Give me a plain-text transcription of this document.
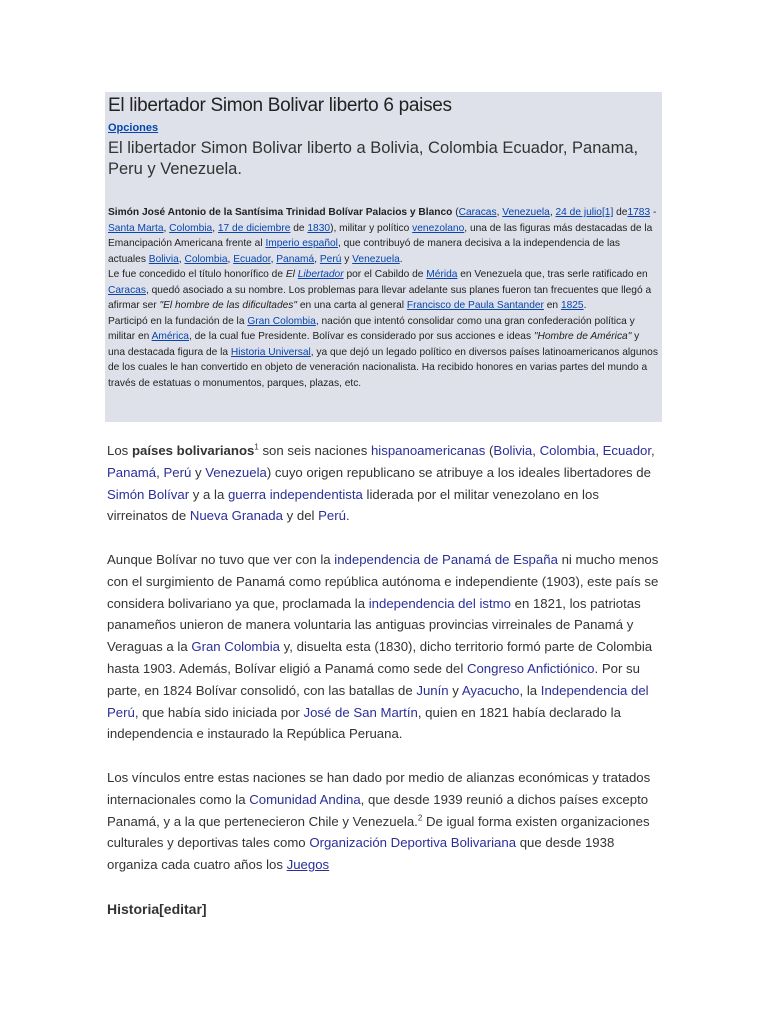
El libertador Simon Bolivar liberto 6 paises
Opciones

El libertador Simon Bolivar liberto a Bolivia, Colombia Ecuador, Panama, Peru y Venezuela.

Simón José Antonio de la Santísima Trinidad Bolívar Palacios y Blanco (Caracas, Venezuela, 24 de julio[1] de1783 - Santa Marta, Colombia, 17 de diciembre de 1830), militar y político venezolano, una de las figuras más destacadas de la Emancipación Americana frente al Imperio español, que contribuyó de manera decisiva a la independencia de las actuales Bolivia, Colombia, Ecuador, Panamá, Perú y Venezuela.
Le fue concedido el título honorífico de El Libertador por el Cabildo de Mérida en Venezuela que, tras serle ratificado en Caracas, quedó asociado a su nombre. Los problemas para llevar adelante sus planes fueron tan frecuentes que llegó a afirmar ser "El hombre de las dificultades" en una carta al general Francisco de Paula Santander en 1825.
Participó en la fundación de la Gran Colombia, nación que intentó consolidar como una gran confederación política y militar en América, de la cual fue Presidente. Bolívar es considerado por sus acciones e ideas "Hombre de América" y una destacada figura de la Historia Universal, ya que dejó un legado político en diversos países latinoamericanos algunos de los cuales le han convertido en objeto de veneración nacionalista. Ha recibido honores en varias partes del mundo a través de estatuas o monumentos, parques, plazas, etc.

Los países bolivarianos$^1$ son seis naciones hispanoamericanas (Bolivia, Colombia, Ecuador, Panamá, Perú y Venezuela) cuyo origen republicano se atribuye a los ideales libertadores de Simón Bolívar y a la guerra independentista liderada por el militar venezolano en los virreinatos de Nueva Granada y del Perú.

Aunque Bolívar no tuvo que ver con la independencia de Panamá de España ni mucho menos con el surgimiento de Panamá como república autónoma e independiente (1903), este país se considera bolivariano ya que, proclamada la independencia del istmo en 1821, los patriotas panameños unieron de manera voluntaria las antiguas provincias virreinales de Panamá y Veraguas a la Gran Colombia y, disuelta esta (1830), dicho territorio formó parte de Colombia hasta 1903. Además, Bolívar eligió a Panamá como sede del Congreso Anfictiónico. Por su parte, en 1824 Bolívar consolidó, con las batallas de Junín y Ayacucho, la Independencia del Perú, que había sido iniciada por José de San Martín, quien en 1821 había declarado la independencia e instaurado la República Peruana.

Los vínculos entre estas naciones se han dado por medio de alianzas económicas y tratados internacionales como la Comunidad Andina, que desde 1939 reunió a dichos países excepto Panamá, y a la que pertenecieron Chile y Venezuela.$^2$ De igual forma existen organizaciones culturales y deportivas tales como Organización Deportiva Bolivariana que desde 1938 organiza cada cuatro años los Juegos

Historia[editar]
